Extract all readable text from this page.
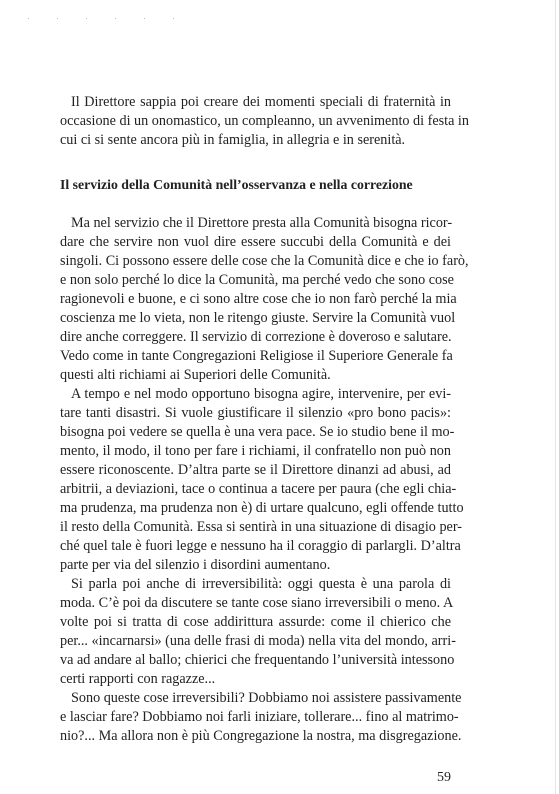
Il Direttore sappia poi creare dei momenti speciali di fraternità in
occasione di un onomastico, un compleanno, un avvenimento di festa in
cui ci si sente ancora più in famiglia, in allegria e in serenità.
Il servizio della Comunità nell’osservanza e nella correzione
Ma nel servizio che il Direttore presta alla Comunità bisogna ricor-
dare che servire non vuol dire essere succubi della Comunità e dei
singoli. Ci possono essere delle cose che la Comunità dice e che io farò,
e non solo perché lo dice la Comunità, ma perché vedo che sono cose
ragionevoli e buone, e ci sono altre cose che io non farò perché la mia
coscienza me lo vieta, non le ritengo giuste. Servire la Comunità vuol
dire anche correggere. Il servizio di correzione è doveroso e salutare.
Vedo come in tante Congregazioni Religiose il Superiore Generale fa
questi alti richiami ai Superiori delle Comunità.
A tempo e nel modo opportuno bisogna agire, intervenire, per evi-
tare tanti disastri. Si vuole giustificare il silenzio «pro bono pacis»:
bisogna poi vedere se quella è una vera pace. Se io studio bene il mo-
mento, il modo, il tono per fare i richiami, il confratello non può non
essere riconoscente. D’altra parte se il Direttore dinanzi ad abusi, ad
arbitrii, a deviazioni, tace o continua a tacere per paura (che egli chia-
ma prudenza, ma prudenza non è) di urtare qualcuno, egli offende tutto
il resto della Comunità. Essa si sentirà in una situazione di disagio per-
ché quel tale è fuori legge e nessuno ha il coraggio di parlargli. D’altra
parte per via del silenzio i disordini aumentano.
Si parla poi anche di irreversibilità: oggi questa è una parola di
moda. C’è poi da discutere se tante cose siano irreversibili o meno. A
volte poi si tratta di cose addirittura assurde: come il chierico che
per... «incarnarsi» (una delle frasi di moda) nella vita del mondo, arri-
va ad andare al ballo; chierici che frequentando l’università intessono
certi rapporti con ragazze...
Sono queste cose irreversibili? Dobbiamo noi assistere passivamente
e lasciar fare? Dobbiamo noi farli iniziare, tollerare... fino al matrimo-
nio?... Ma allora non è più Congregazione la nostra, ma disgregazione.
59
